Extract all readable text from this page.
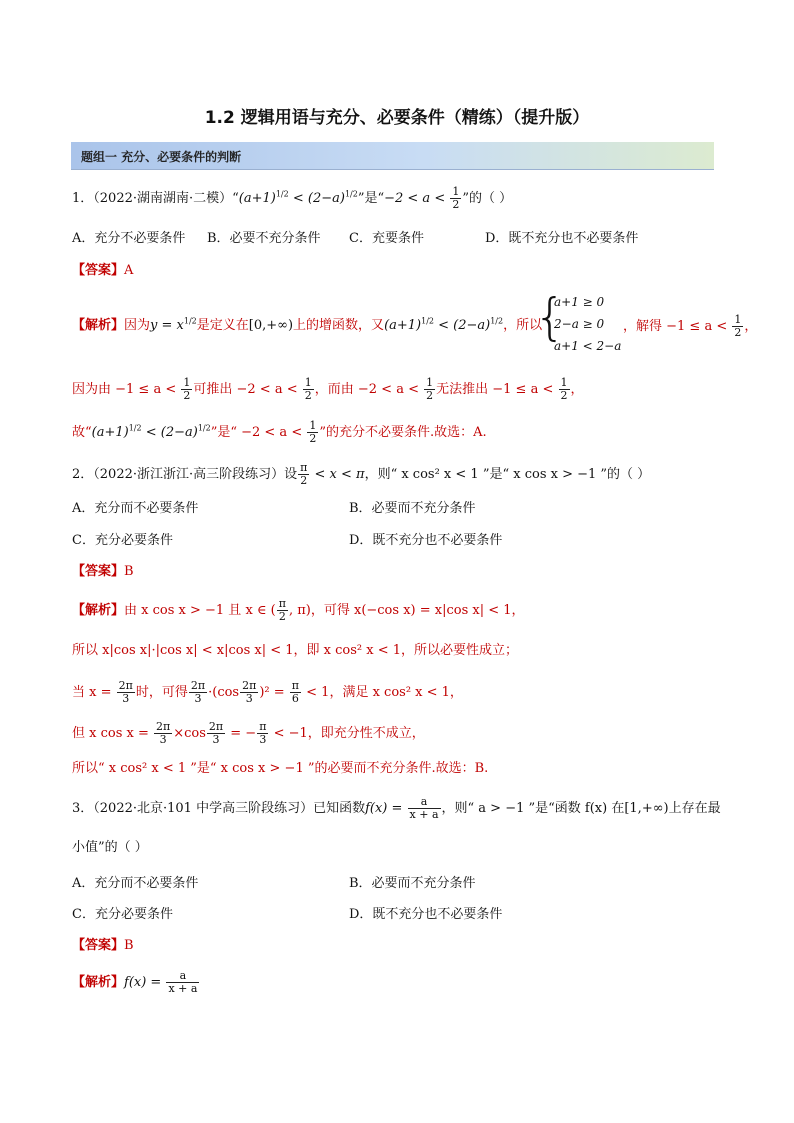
1.2 逻辑用语与充分、必要条件（精练）（提升版）
题组一 充分、必要条件的判断
1．（2022·湖南湖南·二模）“$(a+1)^{1/2} < (2-a)^{1/2}$”是“$-2 < a < \frac{1}{2}$ ”的（ ）
A．充分不必要条件 B．必要不充分条件 C．充要条件	D．既不充分也不必要条件
【答案】A
【解析】因为$y = x^{1/2}$是定义在[0,+∞)上的增函数，又$(a+1)^{1/2} < (2-a)^{1/2}$，所以
{
a+1 ≥ 0
2−a ≥ 0
a+1 < 2−a
，解得 $-1 \le a < \frac{1}{2}$ ，
因为由 $-1 \le a < \frac{1}{2}$ 可推出 $-2 < a < \frac{1}{2}$ ，而由 $-2 < a < \frac{1}{2}$ 无法推出 $-1 \le a < \frac{1}{2}$ ，
故“$(a+1)^{1/2} < (2-a)^{1/2}$”是“ $-2 < a < \frac{1}{2}$ ”的充分不必要条件.故选：A.
2．（2022·浙江浙江·高三阶段练习）设 $\frac{\pi}{2} < x < \pi$，则“ x cos² x < 1 ”是“ x cos x > −1 ”的（ ）
A．充分而不必要条件	B．必要而不充分条件
C．充分必要条件	D．既不充分也不必要条件
【答案】B
【解析】由 x cos x > −1 且 x ∈ ( $\frac{\pi}{2}$ , π)，可得 x(−cos x) = x|cos x| < 1，
所以 x|cos x|·|cos x| < x|cos x| < 1，即 x cos² x < 1，所以必要性成立；
当 $x = \frac{2\pi}{3}$ 时，可得 $\frac{2\pi}{3} \cdot(\cos \frac{2\pi}{3} )^2 = \frac{\pi}{6} < 1$，满足 x cos² x < 1，
但 x $\cos x = \frac{2\pi}{3} \times\cos \frac{2\pi}{3}$ = − $\frac{\pi}{3} < -1$，即充分性不成立，
所以“ x cos² x < 1 ”是“ x cos x > −1 ”的必要而不充分条件.故选：B.
3．（2022·北京·101 中学高三阶段练习）已知函数$f(x) = \frac{a}{x + a}$ ，则“ a > −1 ”是“函数 f(x) 在[1,+∞)上存在最
小值”的（ ）
A．充分而不必要条件	B．必要而不充分条件
C．充分必要条件	D．既不充分也不必要条件
【答案】B
【解析】$f(x) = \frac{a}{x + a}$
